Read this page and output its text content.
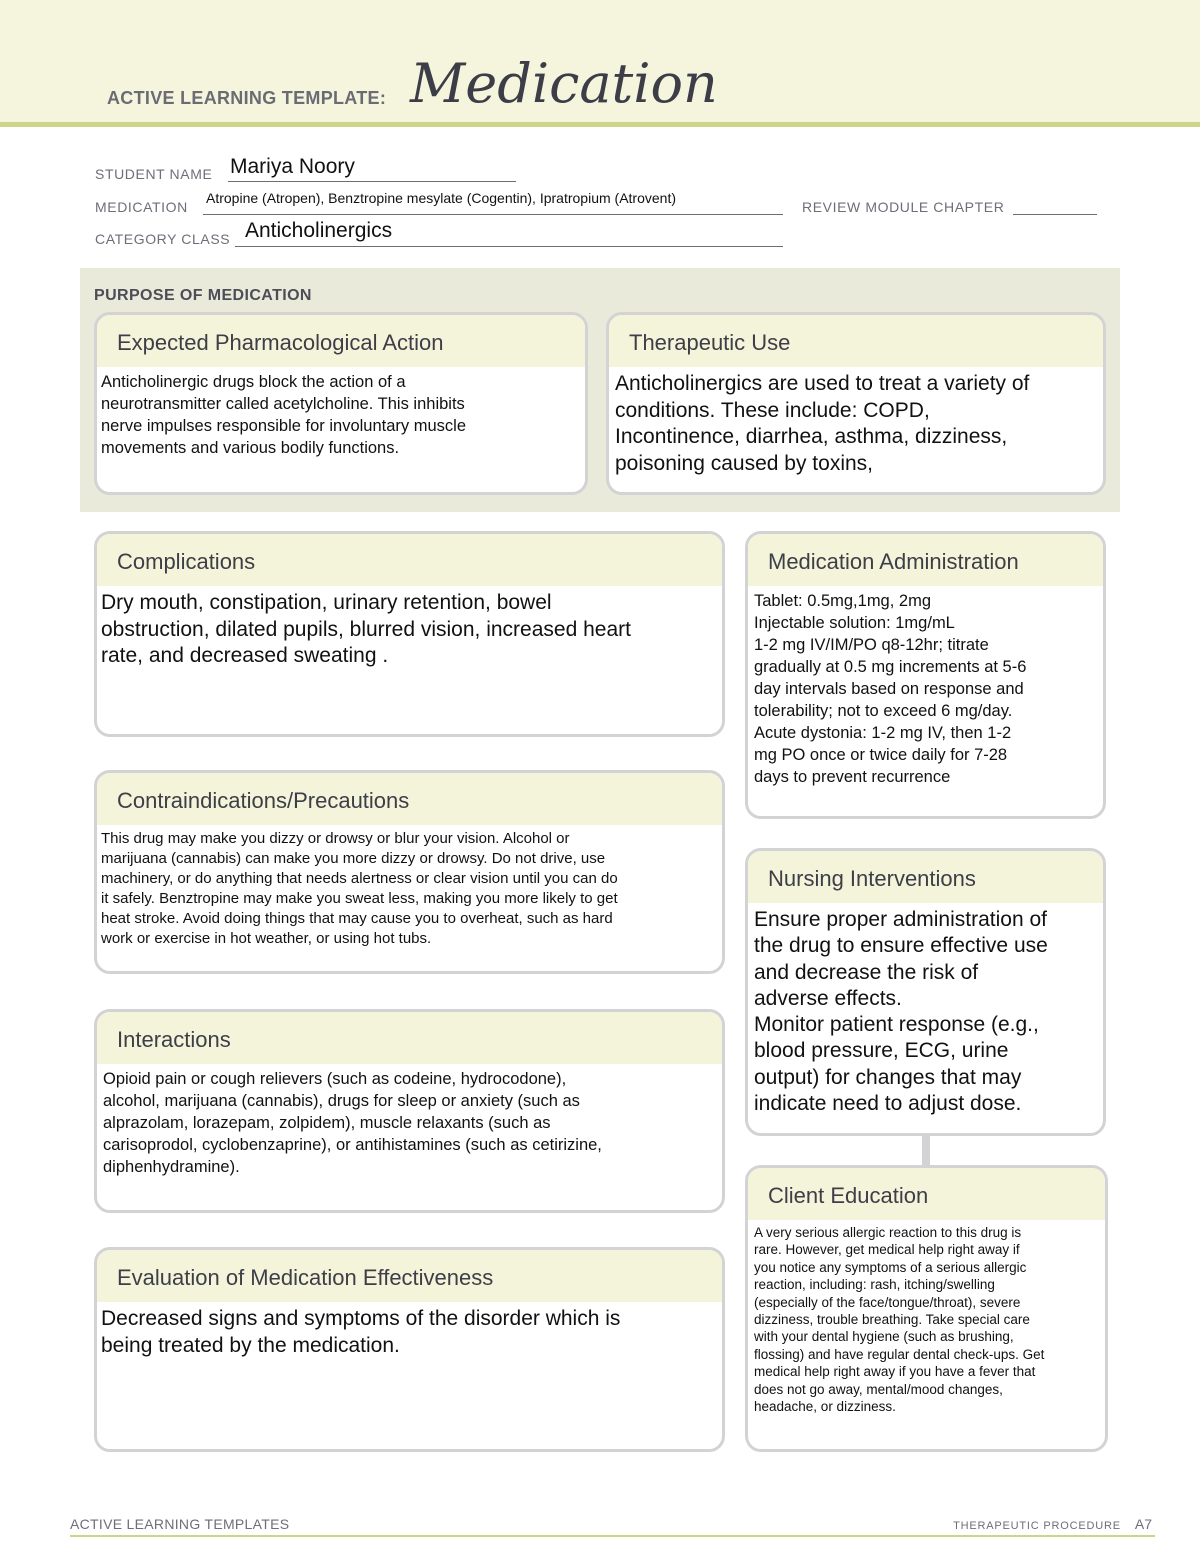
ACTIVE LEARNING TEMPLATE: Medication
STUDENT NAME Mariya Noory
MEDICATION
Atropine (Atropen), Benztropine mesylate (Cogentin), Ipratropium (Atrovent)
REVIEW MODULE CHAPTER
CATEGORY CLASS Anticholinergics
PURPOSE OF MEDICATION
Expected Pharmacological Action
Anticholinergic drugs block the action of a
neurotransmitter called acetylcholine. This inhibits
nerve impulses responsible for involuntary muscle
movements and various bodily functions.
Therapeutic Use
Anticholinergics are used to treat a variety of
conditions. These include: COPD,
Incontinence, diarrhea, asthma, dizziness,
poisoning caused by toxins,
Complications
Dry mouth, constipation, urinary retention, bowel
obstruction, dilated pupils, blurred vision, increased heart
rate, and decreased sweating .
Medication Administration
Tablet: 0.5mg,1mg, 2mg
Injectable solution: 1mg/mL
1-2 mg IV/IM/PO q8-12hr; titrate
gradually at 0.5 mg increments at 5-6
day intervals based on response and
tolerability; not to exceed 6 mg/day.
Acute dystonia: 1-2 mg IV, then 1-2
mg PO once or twice daily for 7-28
days to prevent recurrence
Contraindications/Precautions
This drug may make you dizzy or drowsy or blur your vision. Alcohol or
marijuana (cannabis) can make you more dizzy or drowsy. Do not drive, use
machinery, or do anything that needs alertness or clear vision until you can do
it safely. Benztropine may make you sweat less, making you more likely to get
heat stroke. Avoid doing things that may cause you to overheat, such as hard
work or exercise in hot weather, or using hot tubs.
Nursing Interventions
Ensure proper administration of
the drug to ensure effective use
and decrease the risk of
adverse effects.
Monitor patient response (e.g.,
blood pressure, ECG, urine
output) for changes that may
indicate need to adjust dose.
Interactions
Opioid pain or cough relievers (such as codeine, hydrocodone),
alcohol, marijuana (cannabis), drugs for sleep or anxiety (such as
alprazolam, lorazepam, zolpidem), muscle relaxants (such as
carisoprodol, cyclobenzaprine), or antihistamines (such as cetirizine,
diphenhydramine).
Client Education
A very serious allergic reaction to this drug is
rare. However, get medical help right away if
you notice any symptoms of a serious allergic
reaction, including: rash, itching/swelling
(especially of the face/tongue/throat), severe
dizziness, trouble breathing. Take special care
with your dental hygiene (such as brushing,
flossing) and have regular dental check-ups. Get
medical help right away if you have a fever that
does not go away, mental/mood changes,
headache, or dizziness.
Evaluation of Medication Effectiveness
Decreased signs and symptoms of the disorder which is
being treated by the medication.
ACTIVE LEARNING TEMPLATES	THERAPEUTIC PROCEDURE A7
